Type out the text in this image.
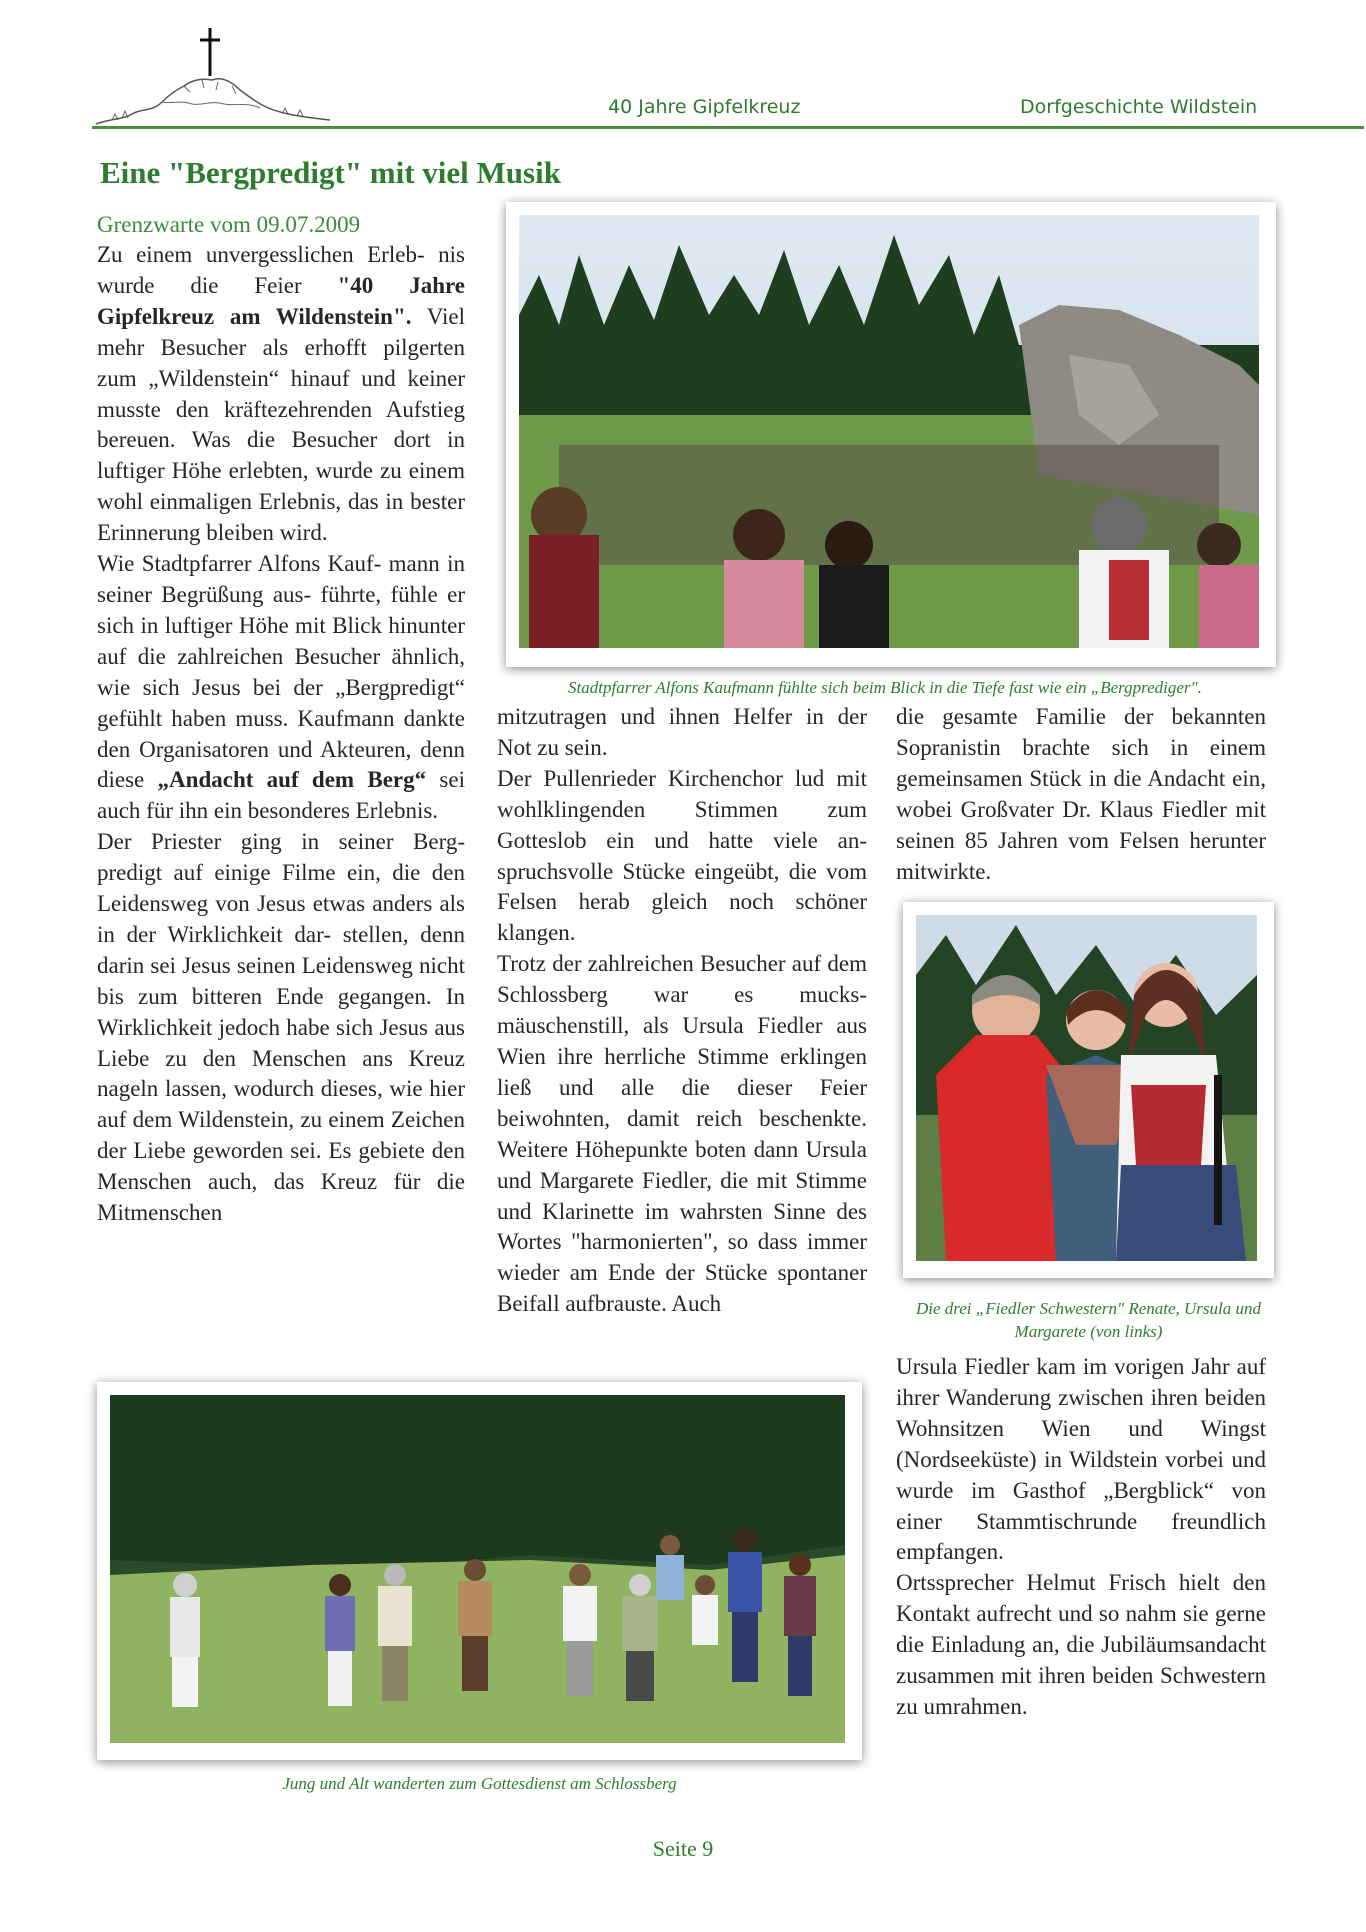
40 Jahre Gipfelkreuz	Dorfgeschichte Wildstein
Eine "Bergpredigt" mit viel Musik
Grenzwarte vom 09.07.2009

Zu einem unvergesslichen Erleb- nis wurde die Feier "40 Jahre Gipfelkreuz am Wildenstein". Viel mehr Besucher als erhofft pilgerten zum „Wildenstein“ hinauf und keiner musste den kräftezehrenden Aufstieg bereuen. Was die Besucher dort in luftiger Höhe erlebten, wurde zu einem wohl einmaligen Erlebnis, das in bester Erinnerung bleiben wird.

Wie Stadtpfarrer Alfons Kauf- mann in seiner Begrüßung aus- führte, fühle er sich in luftiger Höhe mit Blick hinunter auf die zahlreichen Besucher ähnlich, wie sich Jesus bei der „Bergpredigt“ gefühlt haben muss. Kaufmann dankte den Organisatoren und Akteuren, denn diese „Andacht auf dem Berg“ sei auch für ihn ein besonderes Erlebnis.

Der Priester ging in seiner Berg- predigt auf einige Filme ein, die den Leidensweg von Jesus etwas anders als in der Wirklichkeit dar- stellen, denn darin sei Jesus seinen Leidensweg nicht bis zum bitteren Ende gegangen. In Wirklichkeit jedoch habe sich Jesus aus Liebe zu den Menschen ans Kreuz nageln lassen, wodurch dieses, wie hier auf dem Wildenstein, zu einem Zeichen der Liebe geworden sei. Es gebiete den Menschen auch, das Kreuz für die Mitmenschen

Stadtpfarrer Alfons Kaufmann fühlte sich beim Blick in die Tiefe fast wie ein „Bergprediger".

mitzutragen und ihnen Helfer in der Not zu sein.

Der Pullenrieder Kirchenchor lud mit wohlklingenden Stimmen zum Gotteslob ein und hatte viele an- spruchsvolle Stücke eingeübt, die vom Felsen herab gleich noch schöner klangen.

Trotz der zahlreichen Besucher auf dem Schlossberg war es mucks- mäuschenstill, als Ursula Fiedler aus Wien ihre herrliche Stimme erklingen ließ und alle die dieser Feier beiwohnten, damit reich beschenkte. Weitere Höhepunkte boten dann Ursula und Margarete Fiedler, die mit Stimme und Klarinette im wahrsten Sinne des Wortes "harmonierten", so dass immer wieder am Ende der Stücke spontaner Beifall aufbrauste. Auch

die gesamte Familie der bekannten Sopranistin brachte sich in einem gemeinsamen Stück in die Andacht ein, wobei Großvater Dr. Klaus Fiedler mit seinen 85 Jahren vom Felsen herunter mitwirkte.

Die drei „Fiedler Schwestern" Renate, Ursula und Margarete (von links)

Ursula Fiedler kam im vorigen Jahr auf ihrer Wanderung zwischen ihren beiden Wohnsitzen Wien und Wingst (Nordseeküste) in Wildstein vorbei und wurde im Gasthof „Bergblick“ von einer Stammtischrunde freundlich empfangen.

Ortssprecher Helmut Frisch hielt den Kontakt aufrecht und so nahm sie gerne die Einladung an, die Jubiläumsandacht zusammen mit ihren beiden Schwestern zu umrahmen.

Jung und Alt wanderten zum Gottesdienst am Schlossberg
Seite 9
